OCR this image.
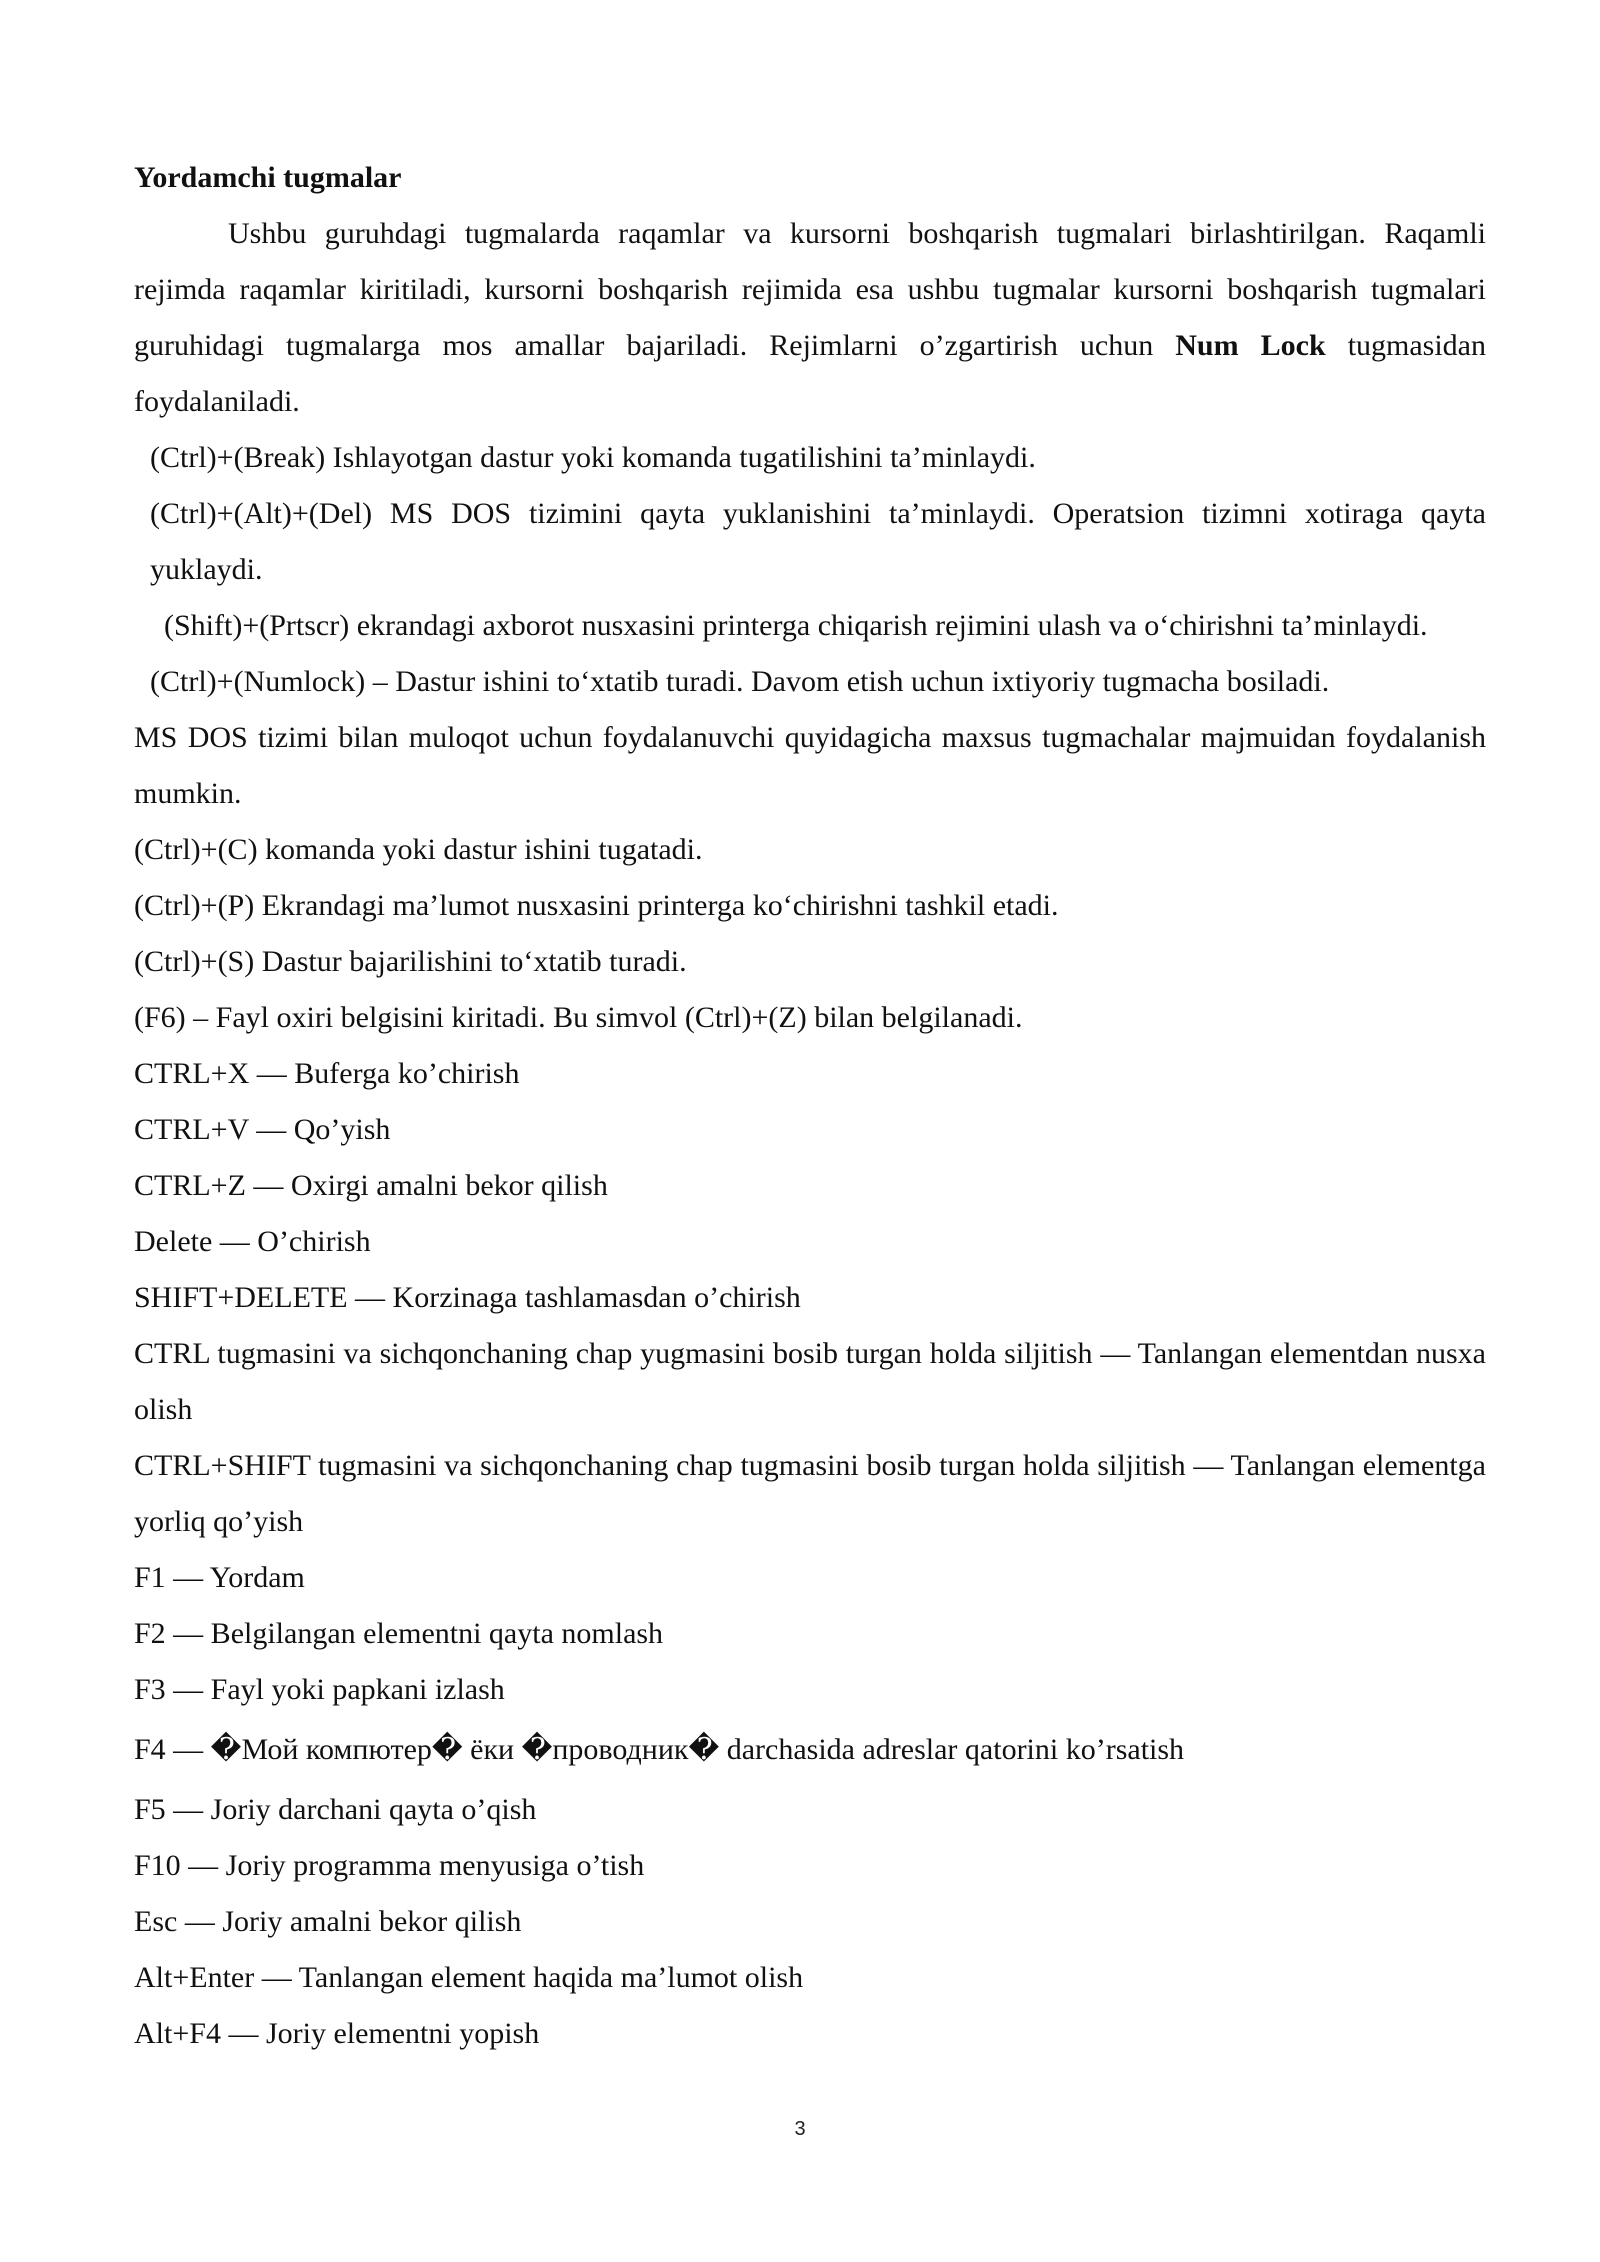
Yordamchi tugmalar

Ushbu guruhdagi tugmalarda raqamlar va kursorni boshqarish tugmalari birlashtirilgan. Raqamli rejimda raqamlar kiritiladi, kursorni boshqarish rejimida esa ushbu tugmalar kursorni boshqarish tugmalari guruhidagi tugmalarga mos amallar bajariladi. Rejimlarni o’zgartirish uchun Num Lock tugmasidan foydalaniladi.

(Ctrl)+(Break) Ishlayotgan dastur yoki komanda tugatilishini ta’minlaydi.

(Ctrl)+(Alt)+(Del) MS DOS tizimini qayta yuklanishini ta’minlaydi. Operatsion tizimni xotiraga qayta yuklaydi.

(Shift)+(Prtscr) ekrandagi axborot nusxasini printerga chiqarish rejimini ulash va o‘chirishni ta’minlaydi.

(Ctrl)+(Numlock) – Dastur ishini to‘xtatib turadi. Davom etish uchun ixtiyoriy tugmacha bosiladi.

MS DOS tizimi bilan muloqot uchun foydalanuvchi quyidagicha maxsus tugmachalar majmuidan foydalanish mumkin.

(Ctrl)+(C) komanda yoki dastur ishini tugatadi.

(Ctrl)+(P) Ekrandagi ma’lumot nusxasini printerga ko‘chirishni tashkil etadi.

(Ctrl)+(S) Dastur bajarilishini to‘xtatib turadi.

(F6) – Fayl oxiri belgisini kiritadi. Bu simvol (Ctrl)+(Z) bilan belgilanadi.

CTRL+X — Buferga ko’chirish

CTRL+V — Qo’yish

CTRL+Z — Oxirgi amalni bekor qilish

Delete — O’chirish

SHIFT+DELETE — Korzinaga tashlamasdan o’chirish

CTRL tugmasini va sichqonchaning chap yugmasini bosib turgan holda siljitish — Tanlangan elementdan nusxa olish

CTRL+SHIFT tugmasini va sichqonchaning chap tugmasini bosib turgan holda siljitish — Tanlangan elementga yorliq qo’yish

F1 — Yordam

F2 — Belgilangan elementni qayta nomlash

F3 — Fayl yoki papkani izlash

F4 — �Мой компютер� ёки �проводник� darchasida adreslar qatorini ko’rsatish

F5 — Joriy darchani qayta o’qish

F10 — Joriy programma menyusiga o’tish

Esc — Joriy amalni bekor qilish

Alt+Enter — Tanlangan element haqida ma’lumot olish

Alt+F4 — Joriy elementni yopish

3
